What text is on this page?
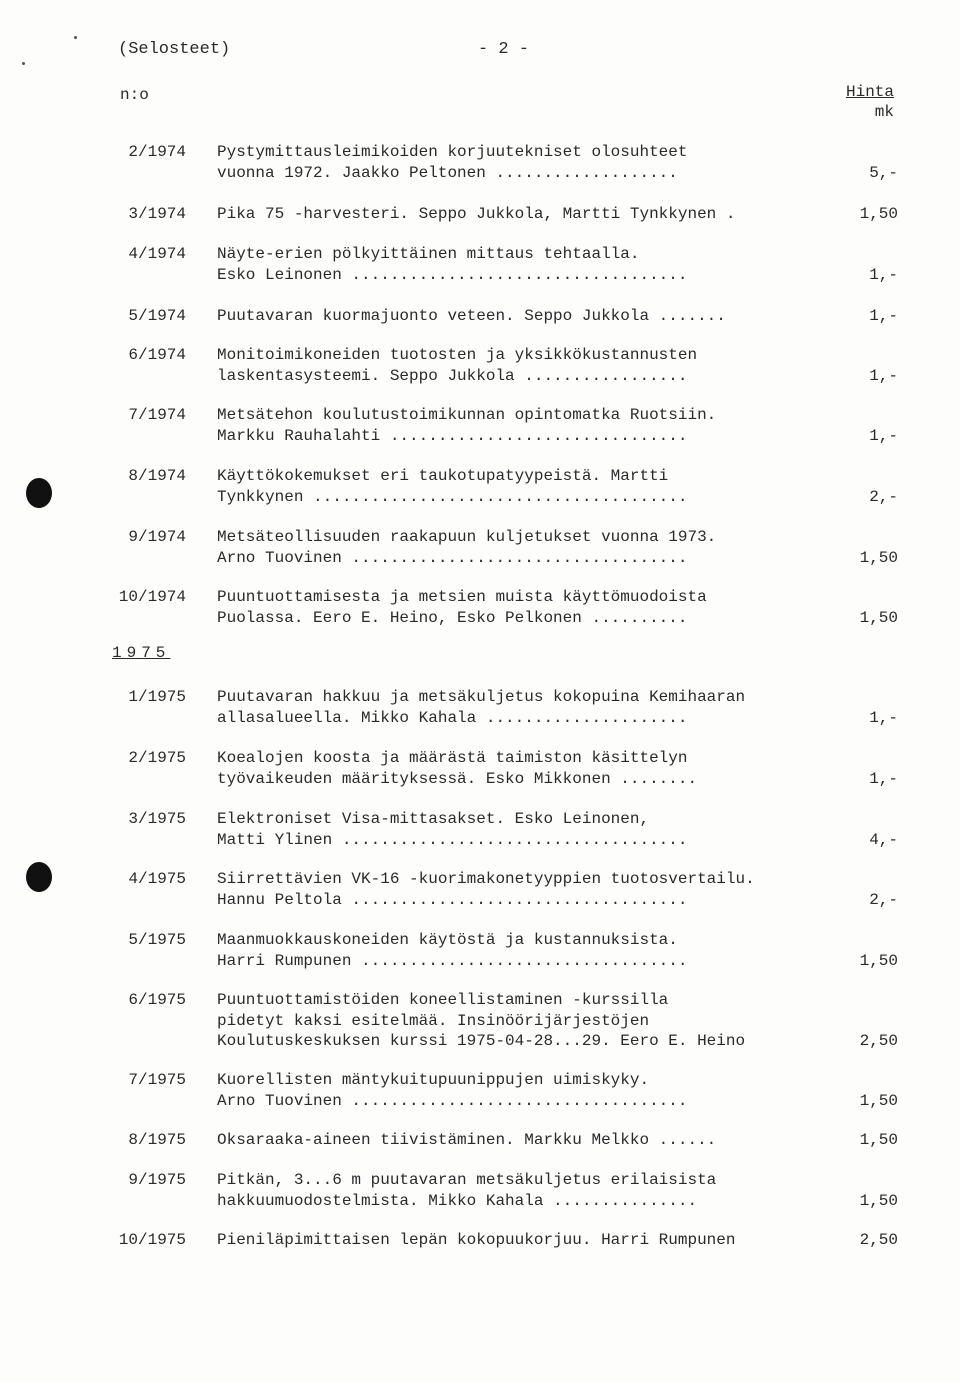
(Selosteet)	- 2 -
n:o	Hinta
mk
1975
2/1974 Pystymittausleimikoiden korjuutekniset olosuhteet
vuonna 1972. Jaakko Peltonen ...................	5,-
3/1974 Pika 75 -harvesteri. Seppo Jukkola, Martti Tynkkynen .	1,50
4/1974 Näyte-erien pölkyittäinen mittaus tehtaalla.
Esko Leinonen ...................................	1,-
5/1974 Puutavaran kuormajuonto veteen. Seppo Jukkola .......	1,-
6/1974 Monitoimikoneiden tuotosten ja yksikkökustannusten
laskentasysteemi. Seppo Jukkola .................	1,-
7/1974 Metsätehon koulutustoimikunnan opintomatka Ruotsiin.
Markku Rauhalahti ...............................	1,-
8/1974 Käyttökokemukset eri taukotupatyypeistä. Martti
Tynkkynen .......................................	2,-
9/1974 Metsäteollisuuden raakapuun kuljetukset vuonna 1973.
Arno Tuovinen ...................................	1,50
10/1974 Puuntuottamisesta ja metsien muista käyttömuodoista
Puolassa. Eero E. Heino, Esko Pelkonen ..........	1,50
1/1975 Puutavaran hakkuu ja metsäkuljetus kokopuina Kemihaaran
allasalueella. Mikko Kahala .....................	1,-
2/1975 Koealojen koosta ja määrästä taimiston käsittelyn
työvaikeuden määrityksessä. Esko Mikkonen ........	1,-
3/1975 Elektroniset Visa-mittasakset. Esko Leinonen,
Matti Ylinen ....................................	4,-
4/1975 Siirrettävien VK-16 -kuorimakonetyyppien tuotosvertailu.
Hannu Peltola ...................................	2,-
5/1975 Maanmuokkauskoneiden käytöstä ja kustannuksista.
Harri Rumpunen ..................................	1,50
6/1975 Puuntuottamistöiden koneellistaminen -kurssilla
pidetyt kaksi esitelmää. Insinöörijärjestöjen
Koulutuskeskuksen kurssi 1975-04-28...29. Eero E. Heino	2,50
7/1975 Kuorellisten mäntykuitupuunippujen uimiskyky.
Arno Tuovinen ...................................	1,50
8/1975 Oksaraaka-aineen tiivistäminen. Markku Melkko ......	1,50
9/1975 Pitkän, 3...6 m puutavaran metsäkuljetus erilaisista
hakkuumuodostelmista. Mikko Kahala ...............	1,50
10/1975 Pieniläpimittaisen lepän kokopuukorjuu. Harri Rumpunen	2,50
